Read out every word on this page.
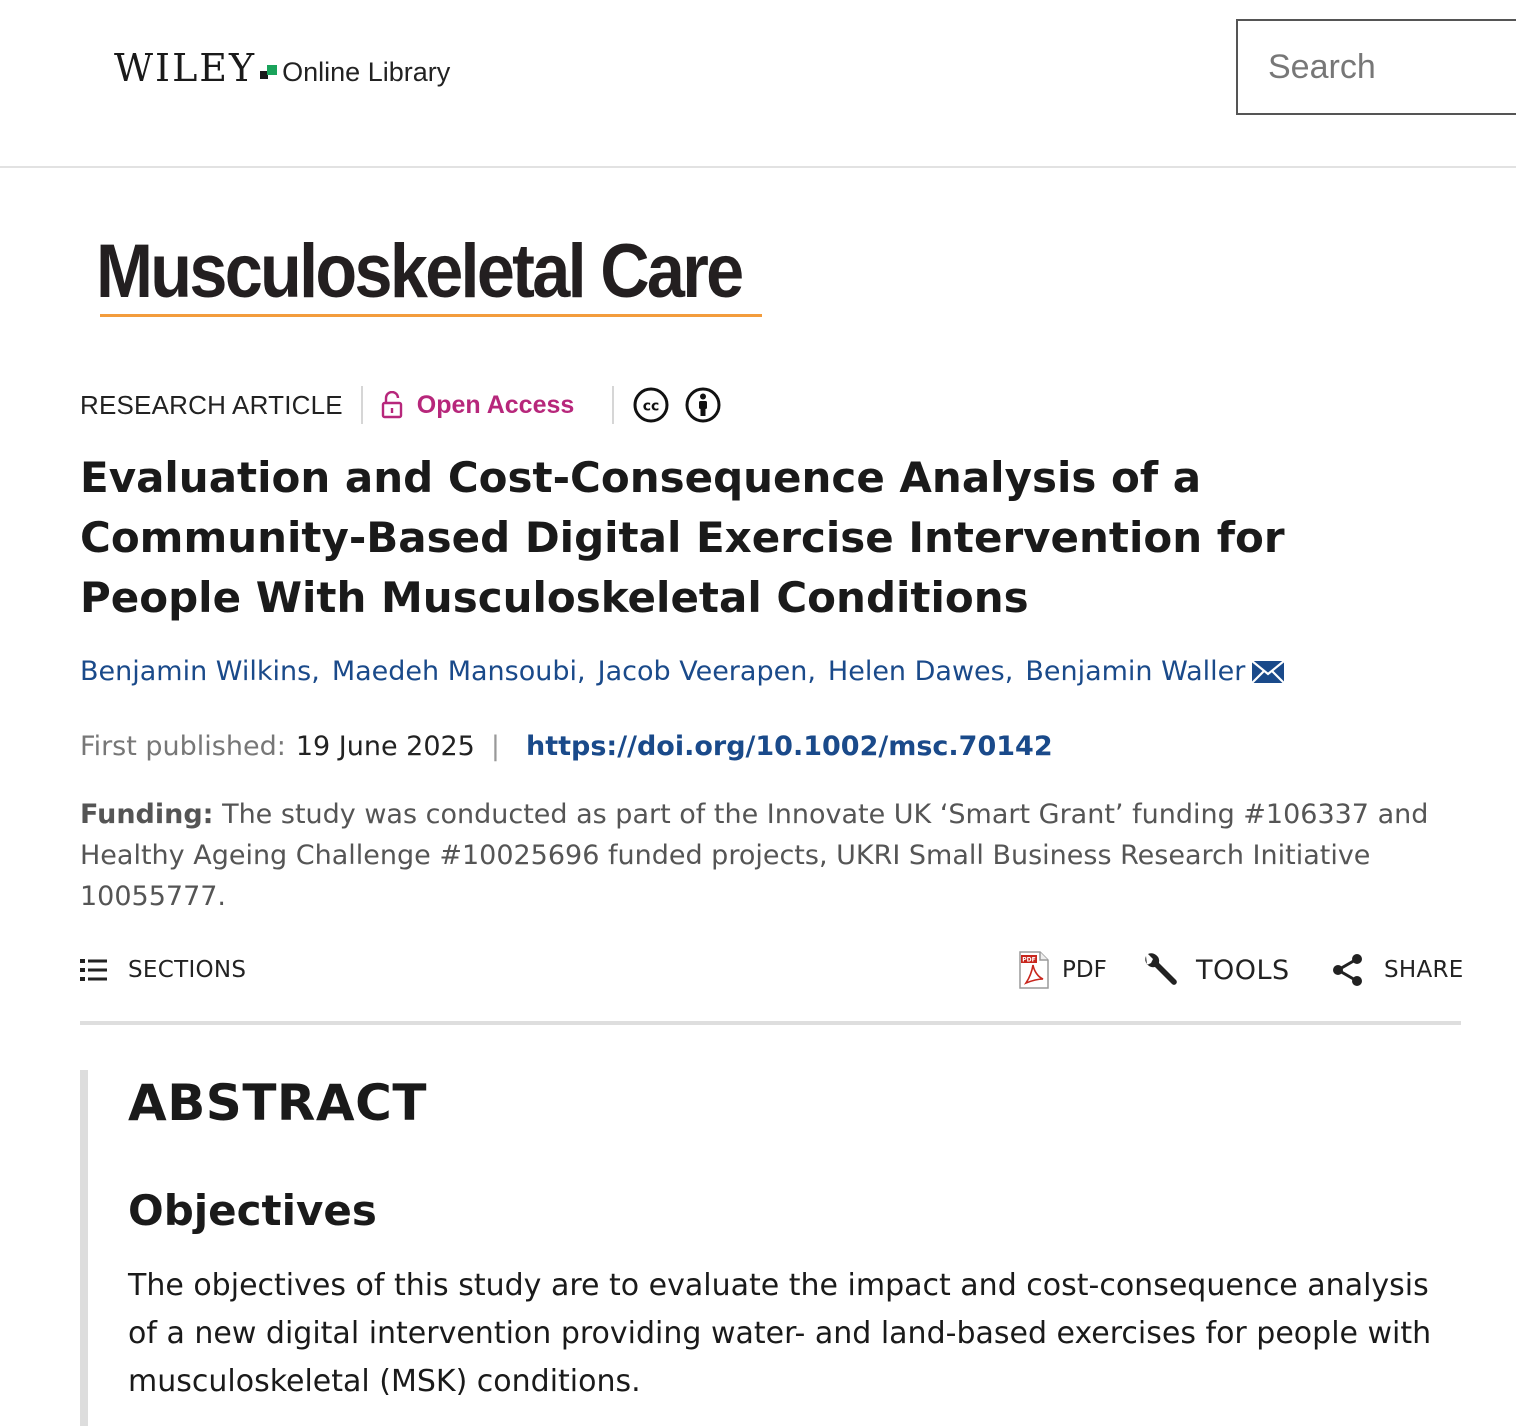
WILEY Online Library
Search
Musculoskeletal Care
RESEARCH ARTICLE	Open Access	cc
Evaluation and Cost-Consequence Analysis of a Community-Based Digital Exercise Intervention for People With Musculoskeletal Conditions
Benjamin Wilkins , Maedeh Mansoubi , Jacob Veerapen , Helen Dawes , Benjamin Waller
First published: 19 June 2025 | https://doi.org/10.1002/msc.70142

Funding: The study was conducted as part of the Innovate UK ‘Smart Grant’ funding #106337 and Healthy Ageing Challenge #10025696 funded projects, UKRI Small Business Research Initiative 10055777.

SECTIONS	PDF PDF	TOOLS	SHARE
ABSTRACT
Objectives

The objectives of this study are to evaluate the impact and cost-consequence analysis of a new digital intervention providing water- and land-based exercises for people with musculoskeletal (MSK) conditions.
